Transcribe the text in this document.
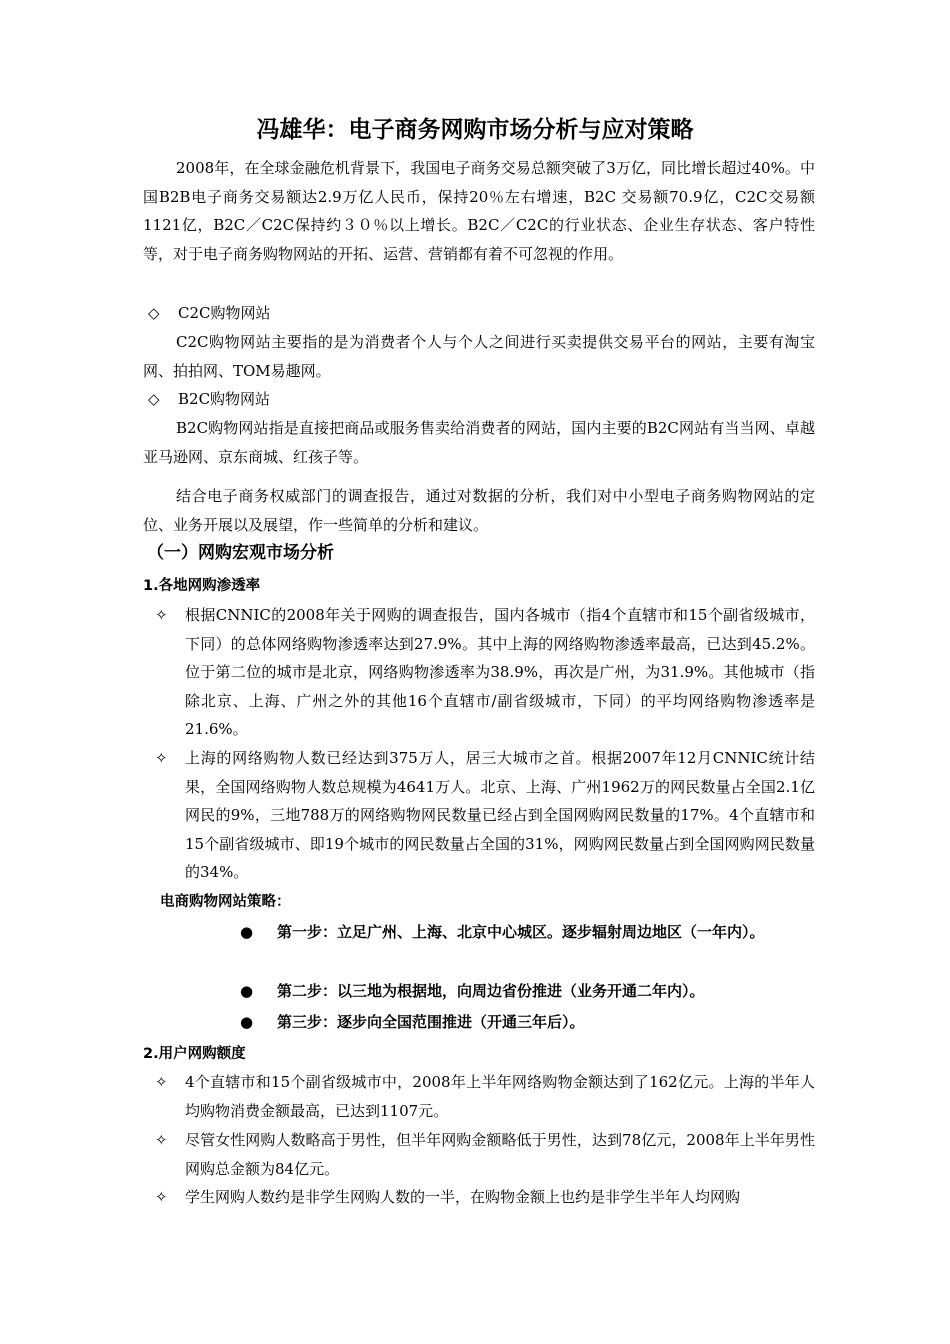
冯雄华：电子商务网购市场分析与应对策略

2008年，在全球金融危机背景下，我国电子商务交易总额突破了3万亿，同比增长超过40%。中国B2B电子商务交易额达2.9万亿人民币，保持20％左右增速，B2C 交易额70.9亿，C2C交易额1121亿，B2C／C2C保持约３０％以上增长。B2C／C2C的行业状态、企业生存状态、客户特性等，对于电子商务购物网站的开拓、运营、营销都有着不可忽视的作用。

◇ C2C购物网站

C2C购物网站主要指的是为消费者个人与个人之间进行买卖提供交易平台的网站，主要有淘宝网、拍拍网、TOM易趣网。

◇ B2C购物网站

B2C购物网站指是直接把商品或服务售卖给消费者的网站，国内主要的B2C网站有当当网、卓越亚马逊网、京东商城、红孩子等。

结合电子商务权威部门的调查报告，通过对数据的分析，我们对中小型电子商务购物网站的定位、业务开展以及展望，作一些简单的分析和建议。

（一）网购宏观市场分析
1.各地网购渗透率
✧	根据CNNIC的2008年关于网购的调查报告，国内各城市（指4个直辖市和15个副省级城市，下同）的总体网络购物渗透率达到27.9%。其中上海的网络购物渗透率最高，已达到45.2%。位于第二位的城市是北京，网络购物渗透率为38.9%，再次是广州，为31.9%。其他城市（指除北京、上海、广州之外的其他16个直辖市/副省级城市，下同）的平均网络购物渗透率是21.6%。
✧	上海的网络购物人数已经达到375万人，居三大城市之首。根据2007年12月CNNIC统计结果，全国网络购物人数总规模为4641万人。北京、上海、广州1962万的网民数量占全国2.1亿网民的9%，三地788万的网络购物网民数量已经占到全国网购网民数量的17%。4个直辖市和15个副省级城市、即19个城市的网民数量占全国的31%，网购网民数量占到全国网购网民数量的34%。
电商购物网站策略：
●	第一步：立足广州、上海、北京中心城区。逐步辐射周边地区（一年内）。
●	第二步：以三地为根据地，向周边省份推进（业务开通二年内）。
●	第三步：逐步向全国范围推进（开通三年后）。
2.用户网购额度
✧	4个直辖市和15个副省级城市中，2008年上半年网络购物金额达到了162亿元。上海的半年人均购物消费金额最高，已达到1107元。
✧	尽管女性网购人数略高于男性，但半年网购金额略低于男性，达到78亿元，2008年上半年男性网购总金额为84亿元。
✧	学生网购人数约是非学生网购人数的一半，在购物金额上也约是非学生半年人均网购
